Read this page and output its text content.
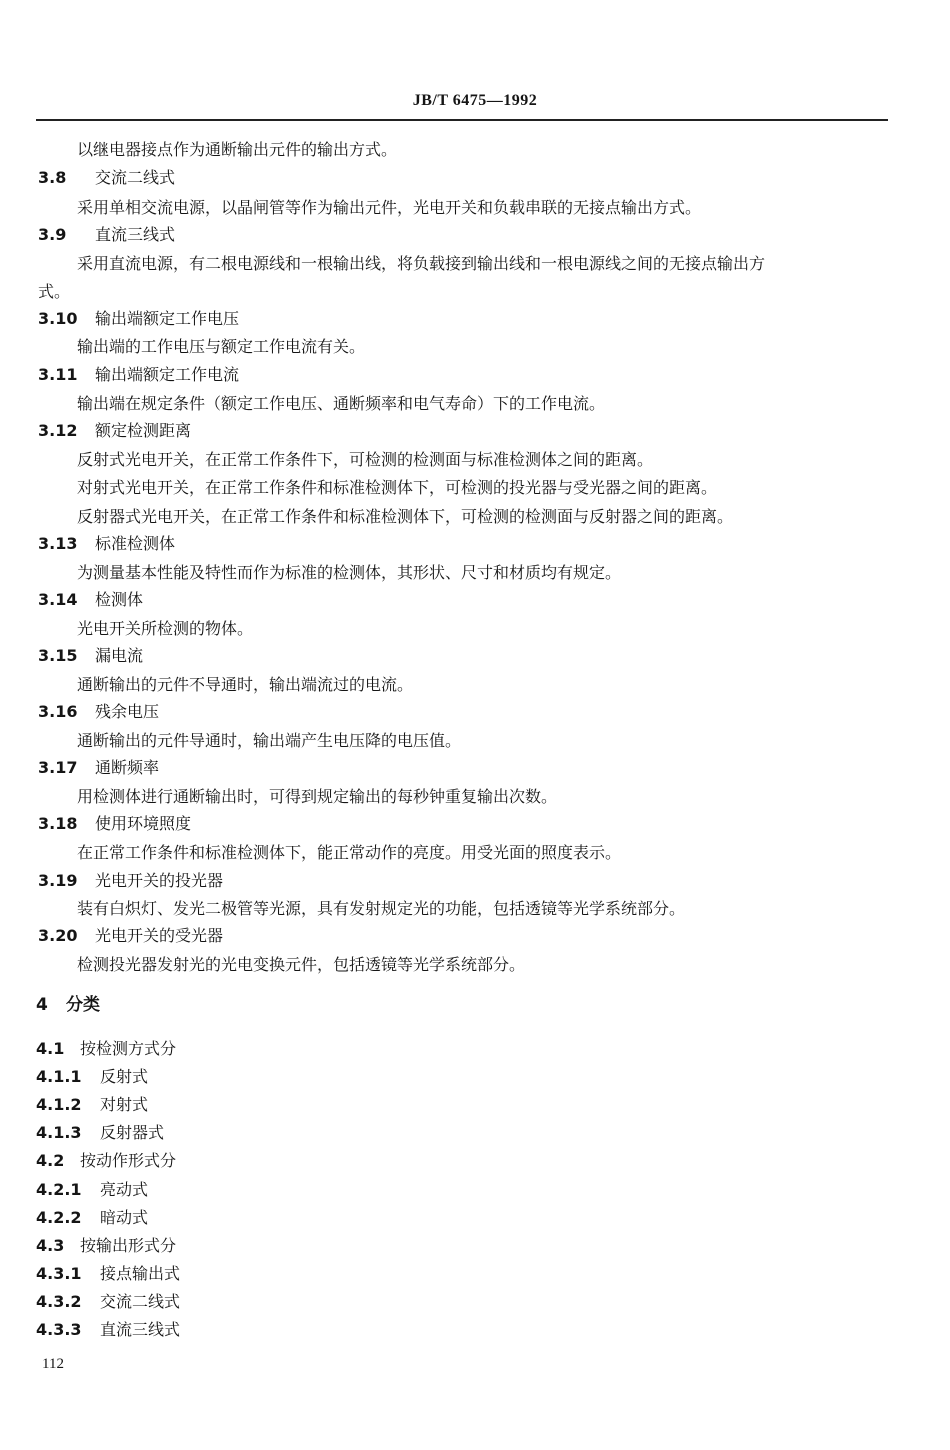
JB/T 6475—1992
以继电器接点作为通断输出元件的输出方式。
3.8 交流二线式
采用单相交流电源，以晶闸管等作为输出元件，光电开关和负载串联的无接点输出方式。
3.9 直流三线式
采用直流电源，有二根电源线和一根输出线，将负载接到输出线和一根电源线之间的无接点输出方
式。
3.10 输出端额定工作电压
输出端的工作电压与额定工作电流有关。
3.11 输出端额定工作电流
输出端在规定条件（额定工作电压、通断频率和电气寿命）下的工作电流。
3.12 额定检测距离
反射式光电开关，在正常工作条件下，可检测的检测面与标准检测体之间的距离。
对射式光电开关，在正常工作条件和标准检测体下，可检测的投光器与受光器之间的距离。
反射器式光电开关，在正常工作条件和标准检测体下，可检测的检测面与反射器之间的距离。
3.13 标准检测体
为测量基本性能及特性而作为标准的检测体，其形状、尺寸和材质均有规定。
3.14 检测体
光电开关所检测的物体。
3.15 漏电流
通断输出的元件不导通时，输出端流过的电流。
3.16 残余电压
通断输出的元件导通时，输出端产生电压降的电压值。
3.17 通断频率
用检测体进行通断输出时，可得到规定输出的每秒钟重复输出次数。
3.18 使用环境照度
在正常工作条件和标准检测体下，能正常动作的亮度。用受光面的照度表示。
3.19 光电开关的投光器
装有白炽灯、发光二极管等光源，具有发射规定光的功能，包括透镜等光学系统部分。
3.20 光电开关的受光器
检测投光器发射光的光电变换元件，包括透镜等光学系统部分。
4 分类
4.1 按检测方式分
4.1.1 反射式
4.1.2 对射式
4.1.3 反射器式
4.2 按动作形式分
4.2.1 亮动式
4.2.2 暗动式
4.3 按输出形式分
4.3.1 接点输出式
4.3.2 交流二线式
4.3.3 直流三线式
112
